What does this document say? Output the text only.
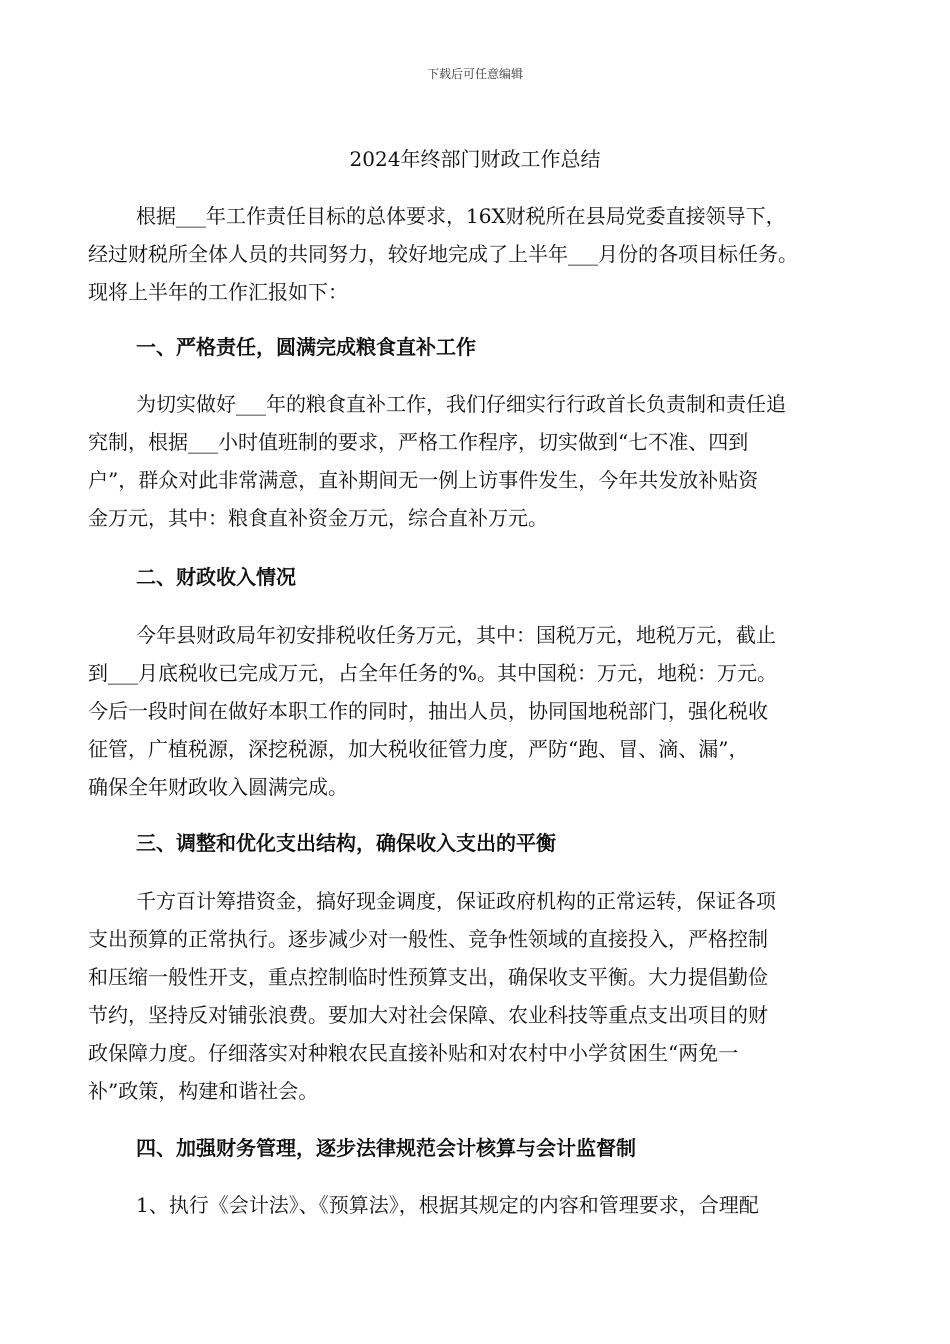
下载后可任意编辑
2024年终部门财政工作总结
根据___年工作责任目标的总体要求，16X财税所在县局党委直接领导下，
经过财税所全体人员的共同努力，较好地完成了上半年___月份的各项目标任务。
现将上半年的工作汇报如下：
一、严格责任，圆满完成粮食直补工作
为切实做好___年的粮食直补工作，我们仔细实行行政首长负责制和责任追
究制，根据___小时值班制的要求，严格工作程序，切实做到“七不准、四到
户”，群众对此非常满意，直补期间无一例上访事件发生，今年共发放补贴资
金万元，其中：粮食直补资金万元，综合直补万元。
二、财政收入情况
今年县财政局年初安排税收任务万元，其中：国税万元，地税万元，截止
到___月底税收已完成万元，占全年任务的%。其中国税：万元，地税：万元。
今后一段时间在做好本职工作的同时，抽出人员，协同国地税部门，强化税收
征管，广植税源，深挖税源，加大税收征管力度，严防“跑、冒、滴、漏”，
确保全年财政收入圆满完成。
三、调整和优化支出结构，确保收入支出的平衡
千方百计筹措资金，搞好现金调度，保证政府机构的正常运转，保证各项
支出预算的正常执行。逐步减少对一般性、竞争性领域的直接投入，严格控制
和压缩一般性开支，重点控制临时性预算支出，确保收支平衡。大力提倡勤俭
节约，坚持反对铺张浪费。要加大对社会保障、农业科技等重点支出项目的财
政保障力度。仔细落实对种粮农民直接补贴和对农村中小学贫困生“两免一
补”政策，构建和谐社会。
四、加强财务管理，逐步法律规范会计核算与会计监督制
1、执行《会计法》、《预算法》，根据其规定的内容和管理要求，合理配
